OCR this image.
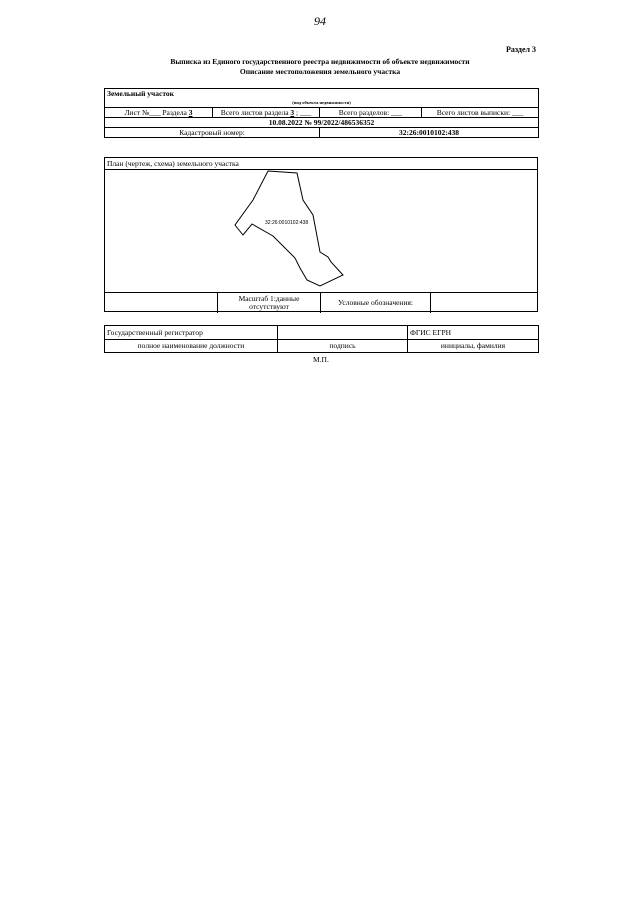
94
Раздел 3
Выписка из Единого государственного реестра недвижимости об объекте недвижимости
Описание местоположения земельного участка
Земельный участок			
(вид объекта недвижимости)			
Лист №___ Раздела 3	Всего листов раздела 3 ; ___	Всего разделов: ___	Всего листов выписки: ___
10.08.2022 № 99/2022/486536352			
Кадастровый номер:		32:26:0010102:438	
План (чертеж, схема) земельного участка
32:26:0010102:438
Масштаб 1:данные отсутствуют	Условные обозначения:
Государственный регистратор		ФГИС ЕГРН
полное наименование должности	подпись	инициалы, фамилия
М.П.
